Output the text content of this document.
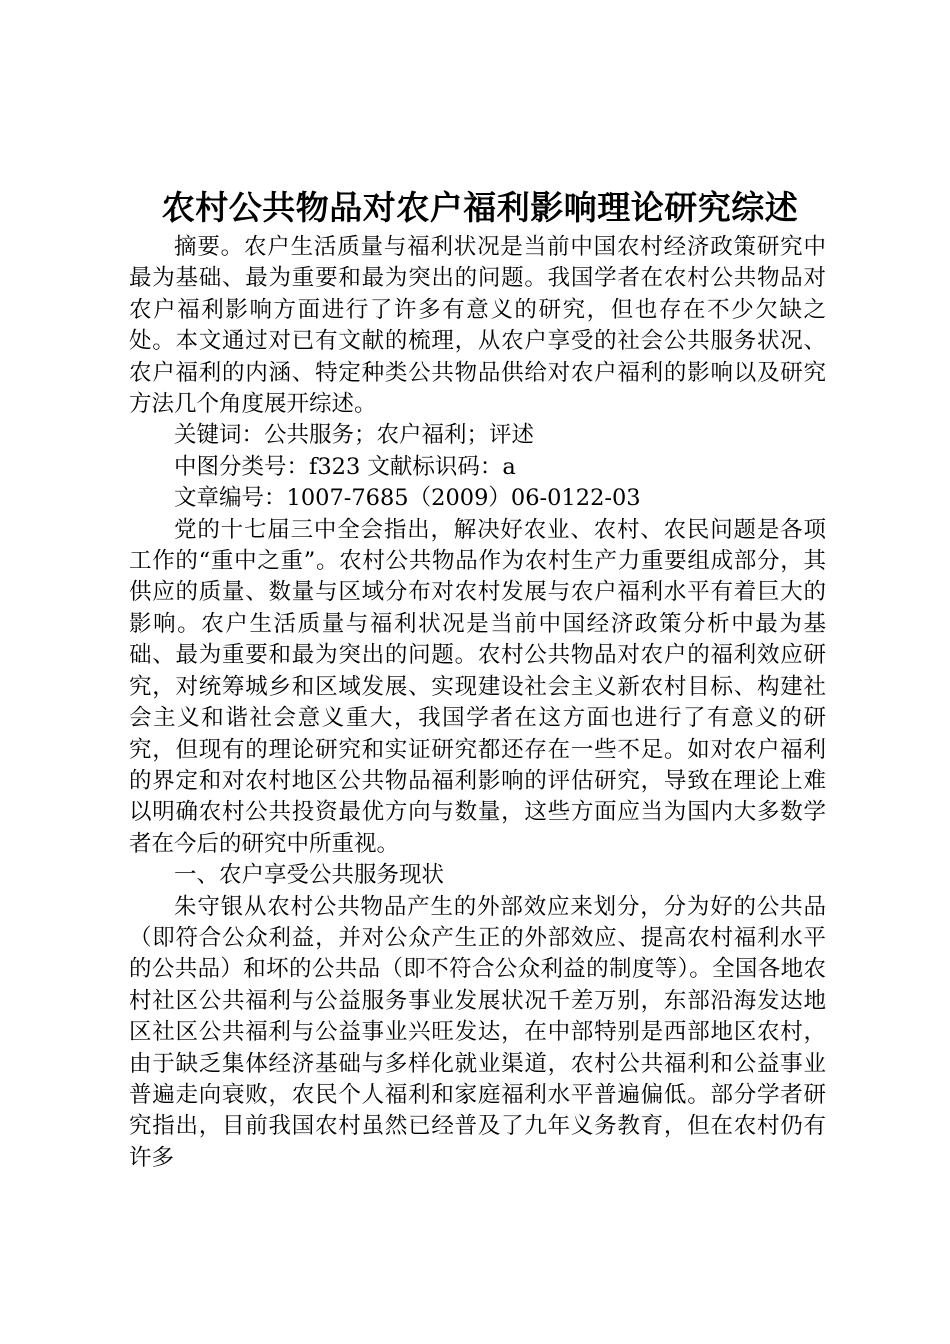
农村公共物品对农户福利影响理论研究综述

摘要。农户生活质量与福利状况是当前中国农村经济政策研究中最为基础、最为重要和最为突出的问题。我国学者在农村公共物品对农户福利影响方面进行了许多有意义的研究，但也存在不少欠缺之处。本文通过对已有文献的梳理，从农户享受的社会公共服务状况、农户福利的内涵、特定种类公共物品供给对农户福利的影响以及研究方法几个角度展开综述。

关键词：公共服务；农户福利；评述

中图分类号：f323 文献标识码：a

文章编号：1007-7685（2009）06-0122-03

党的十七届三中全会指出，解决好农业、农村、农民问题是各项工作的“重中之重”。农村公共物品作为农村生产力重要组成部分，其供应的质量、数量与区域分布对农村发展与农户福利水平有着巨大的影响。农户生活质量与福利状况是当前中国经济政策分析中最为基础、最为重要和最为突出的问题。农村公共物品对农户的福利效应研究，对统筹城乡和区域发展、实现建设社会主义新农村目标、构建社会主义和谐社会意义重大，我国学者在这方面也进行了有意义的研究，但现有的理论研究和实证研究都还存在一些不足。如对农户福利的界定和对农村地区公共物品福利影响的评估研究，导致在理论上难以明确农村公共投资最优方向与数量，这些方面应当为国内大多数学者在今后的研究中所重视。

一、农户享受公共服务现状

朱守银从农村公共物品产生的外部效应来划分，分为好的公共品（即符合公众利益，并对公众产生正的外部效应、提高农村福利水平的公共品）和坏的公共品（即不符合公众利益的制度等）。全国各地农村社区公共福利与公益服务事业发展状况千差万别，东部沿海发达地区社区公共福利与公益事业兴旺发达，在中部特别是西部地区农村，由于缺乏集体经济基础与多样化就业渠道，农村公共福利和公益事业普遍走向衰败，农民个人福利和家庭福利水平普遍偏低。部分学者研究指出，目前我国农村虽然已经普及了九年义务教育，但在农村仍有许多
